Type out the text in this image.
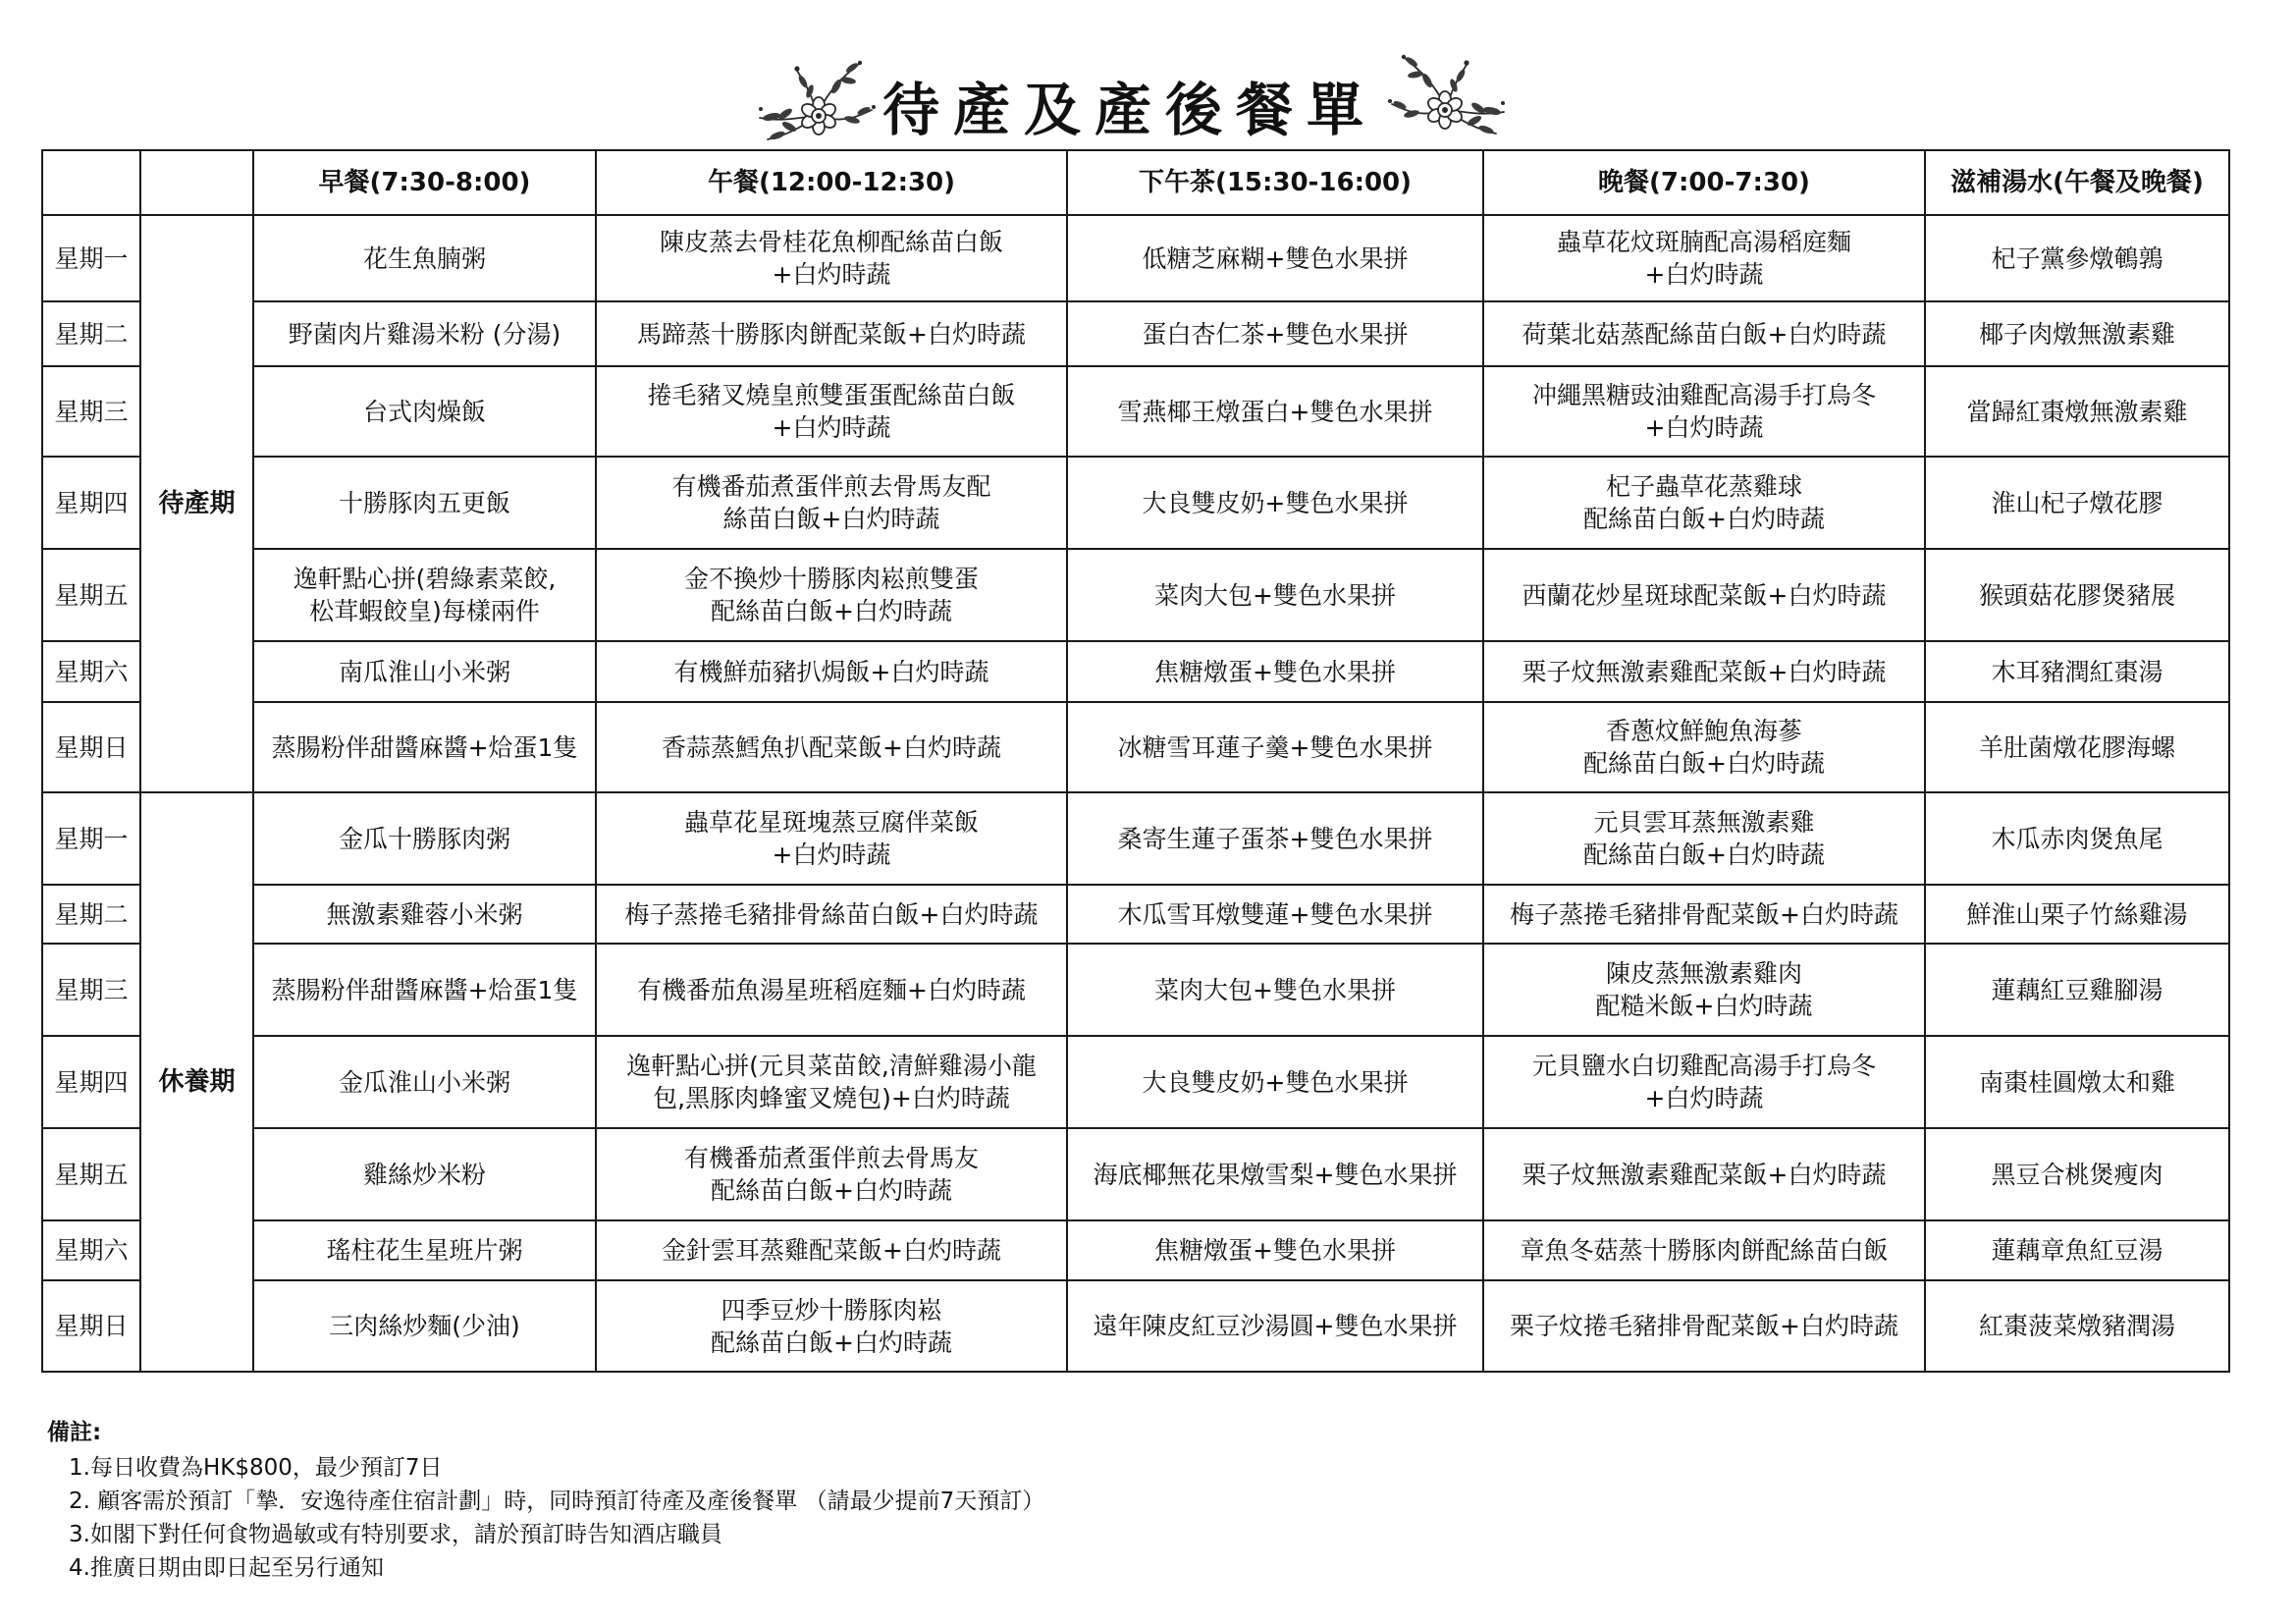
待產及產後餐單
		早餐(7:30-8:00)	午餐(12:00-12:30)	下午茶(15:30-16:00)	晚餐(7:00-7:30)	滋補湯水(午餐及晚餐)
星期一	待產期	花生魚腩粥	陳皮蒸去骨桂花魚柳配絲苗白飯
+白灼時蔬	低糖芝麻糊+雙色水果拼	蟲草花炆斑腩配高湯稻庭麵
+白灼時蔬	杞子黨參燉鵪鶉
星期二		野菌肉片雞湯米粉 (分湯)	馬蹄蒸十勝豚肉餅配菜飯+白灼時蔬	蛋白杏仁茶+雙色水果拼	荷葉北菇蒸配絲苗白飯+白灼時蔬	椰子肉燉無激素雞
星期三		台式肉燥飯	捲毛豬叉燒皇煎雙蛋蛋配絲苗白飯
+白灼時蔬	雪燕椰王燉蛋白+雙色水果拼	冲繩黑糖豉油雞配高湯手打烏冬
+白灼時蔬	當歸紅棗燉無激素雞
星期四		十勝豚肉五更飯	有機番茄煮蛋伴煎去骨馬友配
絲苗白飯+白灼時蔬	大良雙皮奶+雙色水果拼	杞子蟲草花蒸雞球
配絲苗白飯+白灼時蔬	淮山杞子燉花膠
星期五		逸軒點心拼(碧綠素菜餃,
松茸蝦餃皇)每樣兩件	金不換炒十勝豚肉崧煎雙蛋
配絲苗白飯+白灼時蔬	菜肉大包+雙色水果拼	西蘭花炒星斑球配菜飯+白灼時蔬	猴頭菇花膠煲豬展
星期六		南瓜淮山小米粥	有機鮮茄豬扒焗飯+白灼時蔬	焦糖燉蛋+雙色水果拼	栗子炆無激素雞配菜飯+白灼時蔬	木耳豬潤紅棗湯
星期日		蒸腸粉伴甜醬麻醬+烚蛋1隻	香蒜蒸鱈魚扒配菜飯+白灼時蔬	冰糖雪耳蓮子羹+雙色水果拼	香蔥炆鮮鮑魚海蔘
配絲苗白飯+白灼時蔬	羊肚菌燉花膠海螺
星期一	休養期	金瓜十勝豚肉粥	蟲草花星斑塊蒸豆腐伴菜飯
+白灼時蔬	桑寄生蓮子蛋茶+雙色水果拼	元貝雲耳蒸無激素雞
配絲苗白飯+白灼時蔬	木瓜赤肉煲魚尾
星期二		無激素雞蓉小米粥	梅子蒸捲毛豬排骨絲苗白飯+白灼時蔬	木瓜雪耳燉雙蓮+雙色水果拼	梅子蒸捲毛豬排骨配菜飯+白灼時蔬	鮮淮山栗子竹絲雞湯
星期三		蒸腸粉伴甜醬麻醬+烚蛋1隻	有機番茄魚湯星班稻庭麵+白灼時蔬	菜肉大包+雙色水果拼	陳皮蒸無激素雞肉
配糙米飯+白灼時蔬	蓮藕紅豆雞腳湯
星期四		金瓜淮山小米粥	逸軒點心拼(元貝菜苗餃,清鮮雞湯小龍
包,黑豚肉蜂蜜叉燒包)+白灼時蔬	大良雙皮奶+雙色水果拼	元貝鹽水白切雞配高湯手打烏冬
+白灼時蔬	南棗桂圓燉太和雞
星期五		雞絲炒米粉	有機番茄煮蛋伴煎去骨馬友
配絲苗白飯+白灼時蔬	海底椰無花果燉雪梨+雙色水果拼	栗子炆無激素雞配菜飯+白灼時蔬	黑豆合桃煲瘦肉
星期六		瑤柱花生星班片粥	金針雲耳蒸雞配菜飯+白灼時蔬	焦糖燉蛋+雙色水果拼	章魚冬菇蒸十勝豚肉餅配絲苗白飯	蓮藕章魚紅豆湯
星期日		三肉絲炒麵(少油)	四季豆炒十勝豚肉崧
配絲苗白飯+白灼時蔬	遠年陳皮紅豆沙湯圓+雙色水果拼	栗子炆捲毛豬排骨配菜飯+白灼時蔬	紅棗菠菜燉豬潤湯
備註:
1.每日收費為HK$800，最少預訂7日
2. 顧客需於預訂「摯．安逸待產住宿計劃」時，同時預訂待產及產後餐單 （請最少提前7天預訂）
3.如閣下對任何食物過敏或有特別要求，請於預訂時告知酒店職員
4.推廣日期由即日起至另行通知
